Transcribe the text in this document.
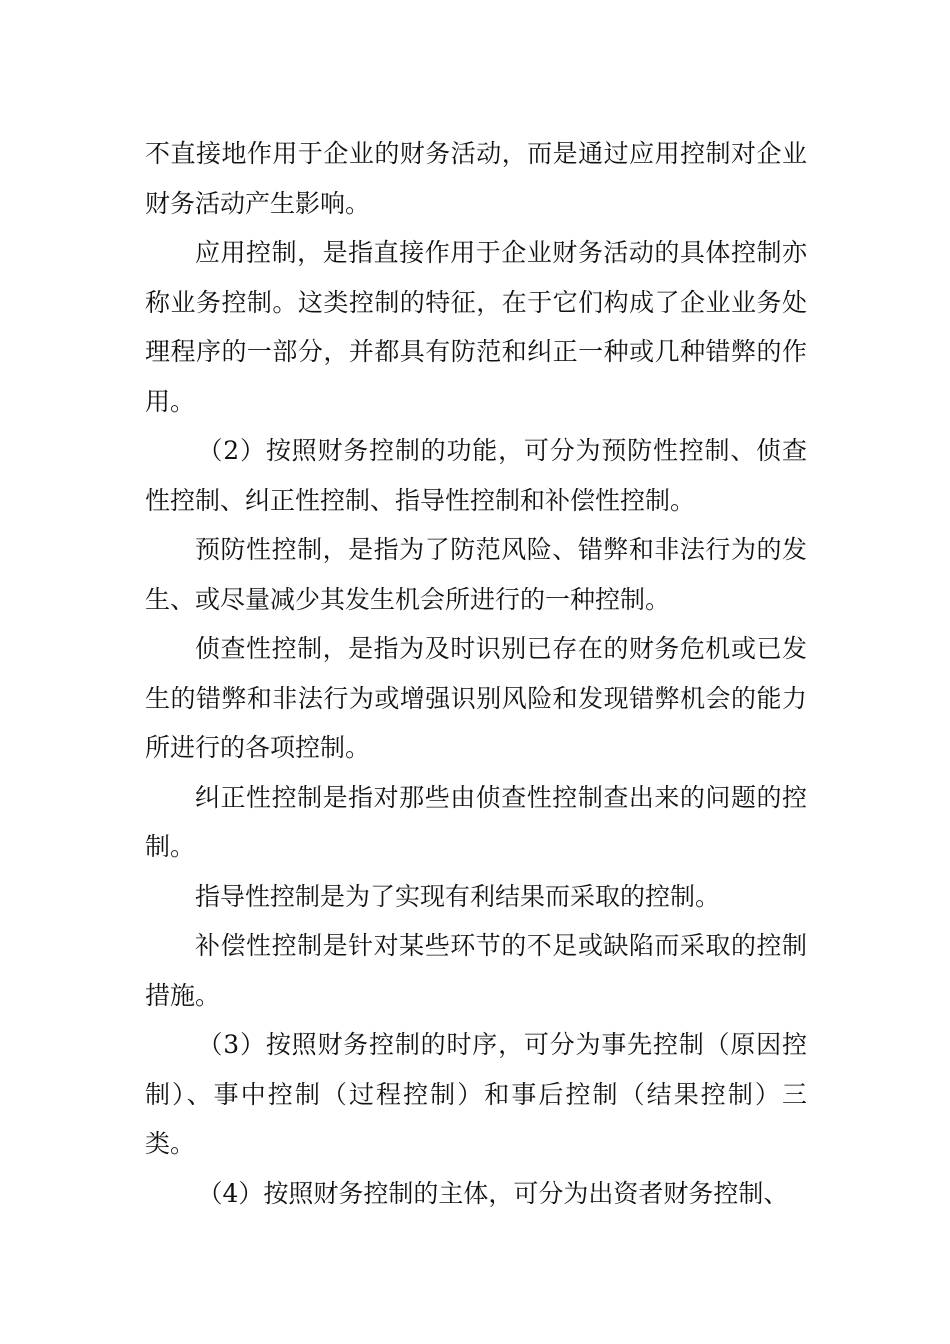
不直接地作用于企业的财务活动，而是通过应用控制对企业财务活动产生影响。

应用控制，是指直接作用于企业财务活动的具体控制亦称业务控制。这类控制的特征，在于它们构成了企业业务处理程序的一部分，并都具有防范和纠正一种或几种错弊的作用。

（2）按照财务控制的功能，可分为预防性控制、侦查性控制、纠正性控制、指导性控制和补偿性控制。

预防性控制，是指为了防范风险、错弊和非法行为的发生、或尽量减少其发生机会所进行的一种控制。

侦查性控制，是指为及时识别已存在的财务危机或已发生的错弊和非法行为或增强识别风险和发现错弊机会的能力所进行的各项控制。

纠正性控制是指对那些由侦查性控制查出来的问题的控制。

指导性控制是为了实现有利结果而采取的控制。

补偿性控制是针对某些环节的不足或缺陷而采取的控制措施。

（3）按照财务控制的时序，可分为事先控制（原因控制）、事中控制（过程控制）和事后控制（结果控制）三类。

（4）按照财务控制的主体，可分为出资者财务控制、
